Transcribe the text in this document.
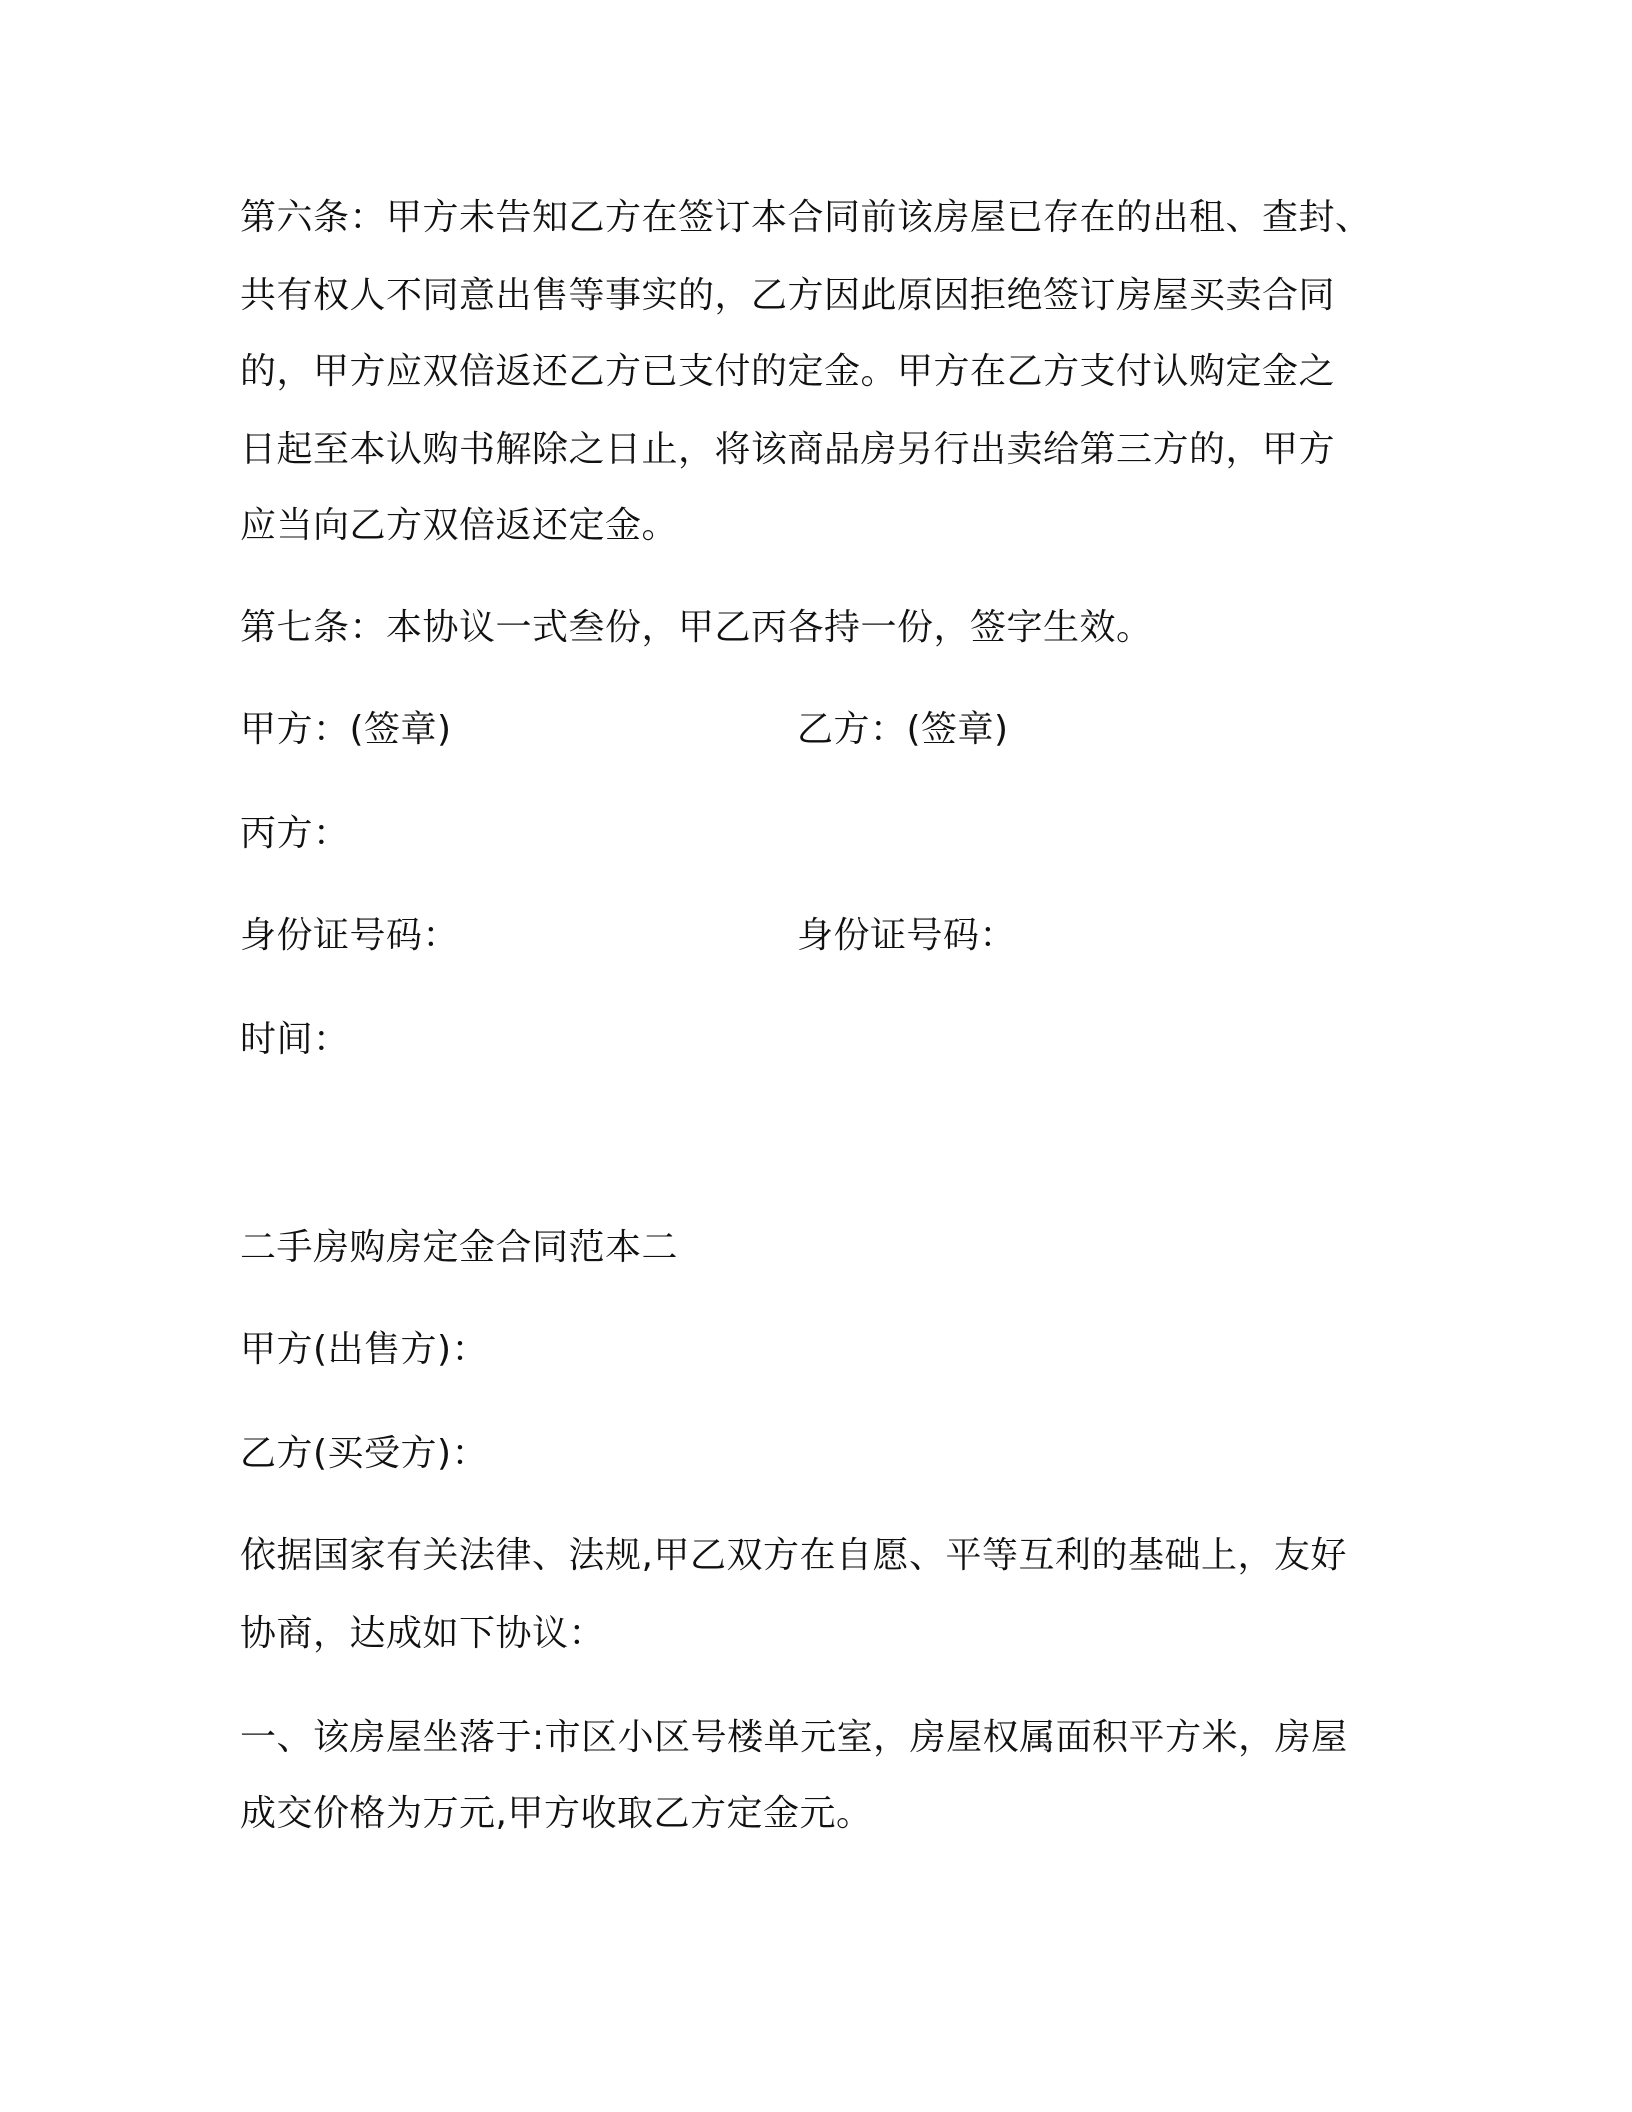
第六条：甲方未告知乙方在签订本合同前该房屋已存在的出租、查封、
共有权人不同意出售等事实的，乙方因此原因拒绝签订房屋买卖合同
的，甲方应双倍返还乙方已支付的定金。甲方在乙方支付认购定金之
日起至本认购书解除之日止，将该商品房另行出卖给第三方的，甲方
应当向乙方双倍返还定金。
第七条：本协议一式叁份，甲乙丙各持一份，签字生效。
甲方：(签章)	乙方：(签章)
丙方：
身份证号码：	身份证号码：
时间：
二手房购房定金合同范本二
甲方(出售方)：
乙方(买受方)：
依据国家有关法律、法规,甲乙双方在自愿、平等互利的基础上，友好
协商，达成如下协议：
一、该房屋坐落于:市区小区号楼单元室，房屋权属面积平方米，房屋
成交价格为万元,甲方收取乙方定金元。
